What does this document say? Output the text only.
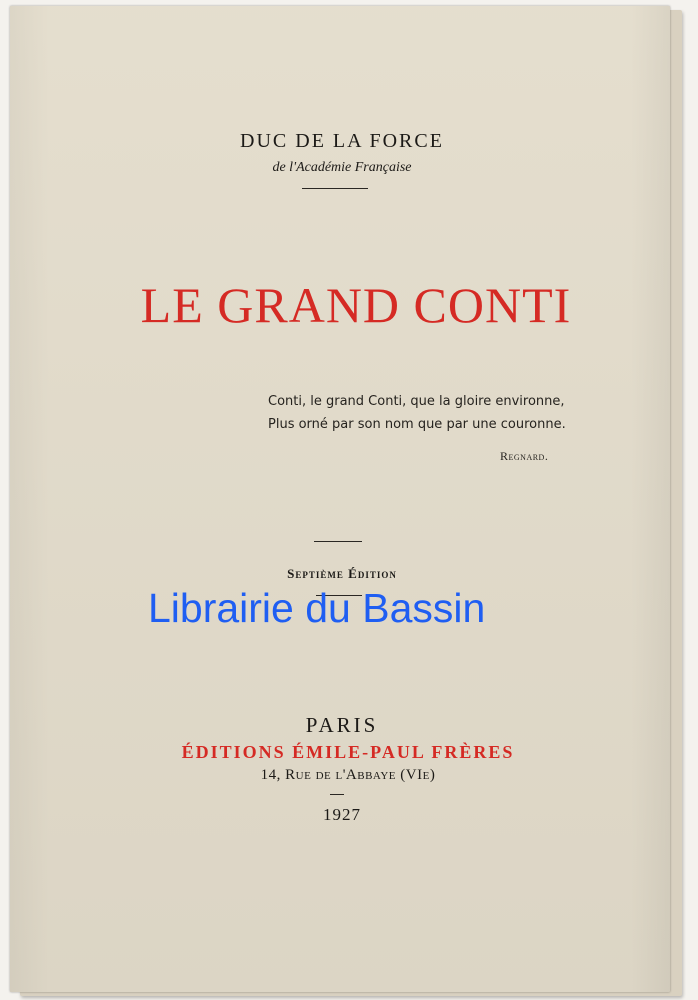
DUC DE LA FORCE
de l'Académie Française
LE GRAND CONTI
Conti, le grand Conti, que la gloire environne,
Plus orné par son nom que par une couronne.
Regnard.
Septième Édition
PARIS
ÉDITIONS ÉMILE-PAUL FRÈRES
14, Rue de l'Abbaye (VIe)
1927
Librairie du Bassin
